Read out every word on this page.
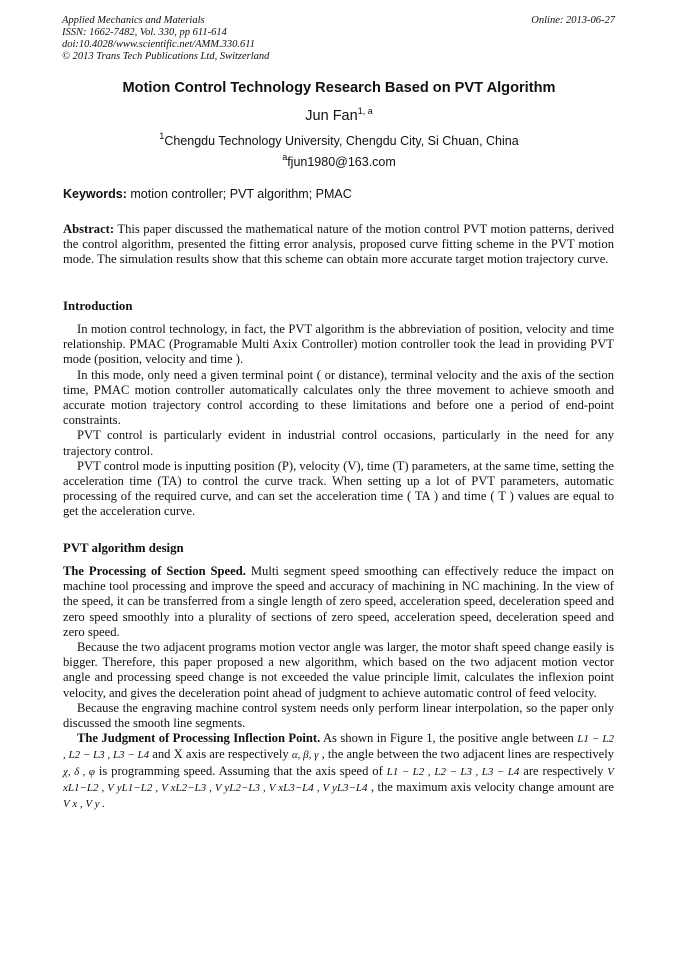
Applied Mechanics and Materials
ISSN: 1662-7482, Vol. 330, pp 611-614
doi:10.4028/www.scientific.net/AMM.330.611
© 2013 Trans Tech Publications Ltd, Switzerland
Online: 2013-06-27
Motion Control Technology Research Based on PVT Algorithm
Jun Fan$^{1, a}$
$^1$Chengdu Technology University, Chengdu City, Si Chuan, China
$^a$fjun1980@163.com
Keywords: motion controller; PVT algorithm; PMAC

Abstract: This paper discussed the mathematical nature of the motion control PVT motion patterns, derived the control algorithm, presented the fitting error analysis, proposed curve fitting scheme in the PVT motion mode. The simulation results show that this scheme can obtain more accurate target motion trajectory curve.

Introduction

In motion control technology, in fact, the PVT algorithm is the abbreviation of position, velocity and time relationship. PMAC (Programable Multi Axix Controller) motion controller took the lead in providing PVT mode (position, velocity and time ).

In this mode, only need a given terminal point ( or distance), terminal velocity and the axis of the section time, PMAC motion controller automatically calculates only the three movement to achieve smooth and accurate motion trajectory control according to these limitations and before one a period of end-point constraints.

PVT control is particularly evident in industrial control occasions, particularly in the need for any trajectory control.

PVT control mode is inputting position (P), velocity (V), time (T) parameters, at the same time, setting the acceleration time (TA) to control the curve track. When setting up a lot of PVT parameters, automatic processing of the required curve, and can set the acceleration time ( TA ) and time ( T ) values are equal to get the acceleration curve.

PVT algorithm design

The Processing of Section Speed. Multi segment speed smoothing can effectively reduce the impact on machine tool processing and improve the speed and accuracy of machining in NC machining. In the view of the speed, it can be transferred from a single length of zero speed, acceleration speed, deceleration speed and zero speed smoothly into a plurality of sections of zero speed, acceleration speed, deceleration speed and zero speed.

Because the two adjacent programs motion vector angle was larger, the motor shaft speed change easily is bigger. Therefore, this paper proposed a new algorithm, which based on the two adjacent motion vector angle and processing speed change is not exceeded the value principle limit, calculates the inflexion point velocity, and gives the deceleration point ahead of judgment to achieve automatic control of feed velocity.

Because the engraving machine control system needs only perform linear interpolation, so the paper only discussed the smooth line segments.

The Judgment of Processing Inflection Point. As shown in Figure 1, the positive angle between L1 − L2 , L2 − L3 , L3 − L4 and X axis are respectively α, β, γ , the angle between the two adjacent lines are respectively χ, δ , φ is programming speed. Assuming that the axis speed of L1 − L2 , L2 − L3 , L3 − L4 are respectively V xL1−L2 , V yL1−L2 , V xL2−L3 , V yL2−L3 , V xL3−L4 , V yL3−L4 , the maximum axis velocity change amount are V x , V y .
